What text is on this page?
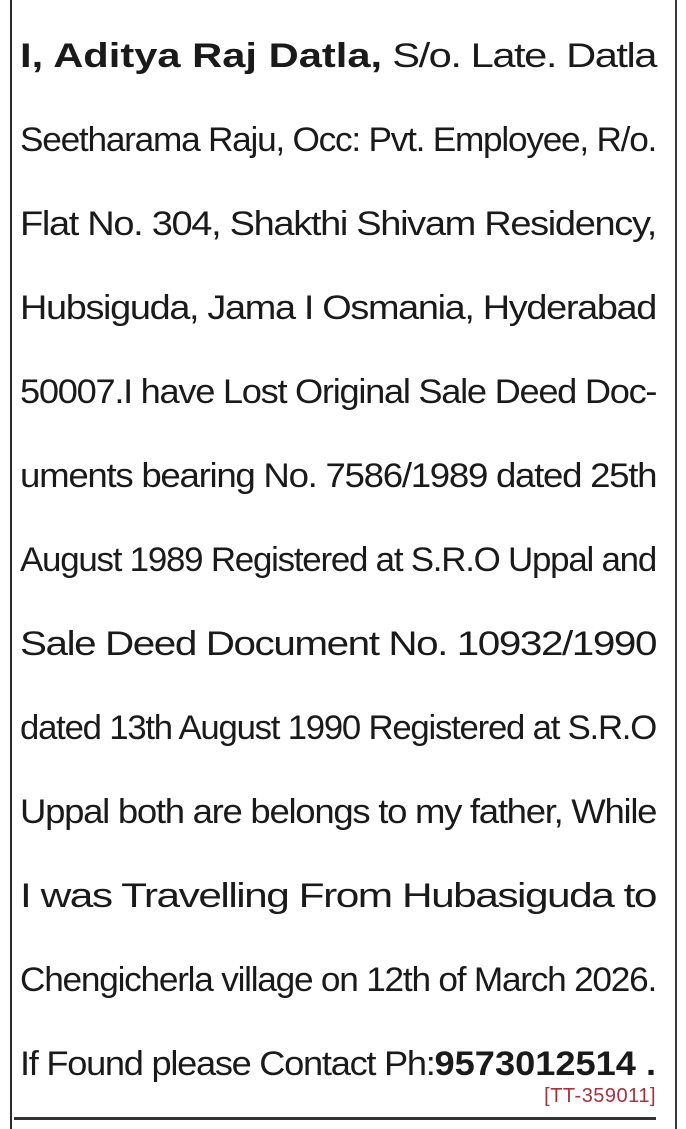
I, Aditya Raj Datla, S/o. Late. Datla
Seetharama Raju, Occ: Pvt. Employee, R/o.
Flat No. 304, Shakthi Shivam Residency,
Hubsiguda, Jama I Osmania, Hyderabad
50007.I have Lost Original Sale Deed Doc-
uments bearing No. 7586/1989 dated 25th
August 1989 Registered at S.R.O Uppal and
Sale Deed Document No. 10932/1990
dated 13th August 1990 Registered at S.R.O
Uppal both are belongs to my father, While
I was Travelling From Hubasiguda to
Chengicherla village on 12th of March 2026.
If Found please Contact Ph:9573012514 .
[TT-359011]
